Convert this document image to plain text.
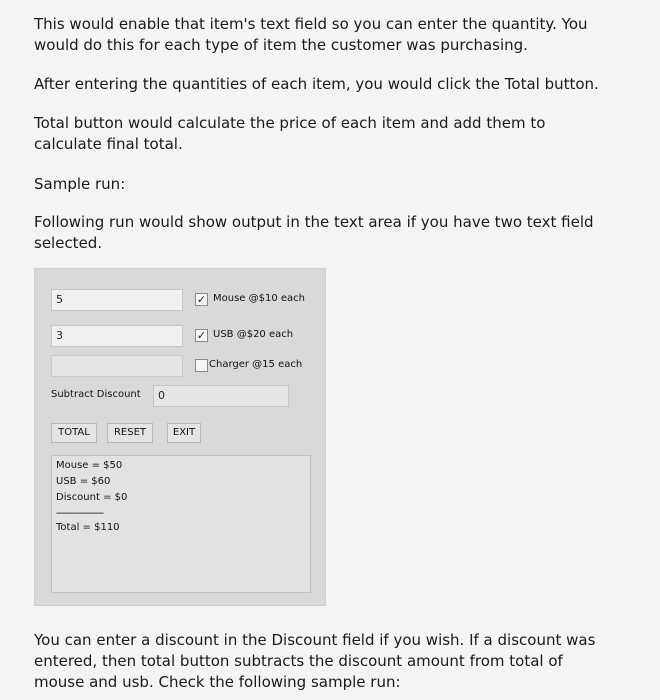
This would enable that item's text field so you can enter the quantity. You would do this for each type of item the customer was purchasing.

After entering the quantities of each item, you would click the Total button.

Total button would calculate the price of each item and add them to calculate final total.

Sample run:

Following run would show output in the text area if you have two text field selected.

5	✓ Mouse @$10 each
3	✓ USB @$20 each
Charger @15 each
Subtract Discount	0
TOTAL	RESET	EXIT
Mouse = $50
USB = $60
Discount = $0
------------------
Total = $110

You can enter a discount in the Discount field if you wish. If a discount was entered, then total button subtracts the discount amount from total of mouse and usb. Check the following sample run:
